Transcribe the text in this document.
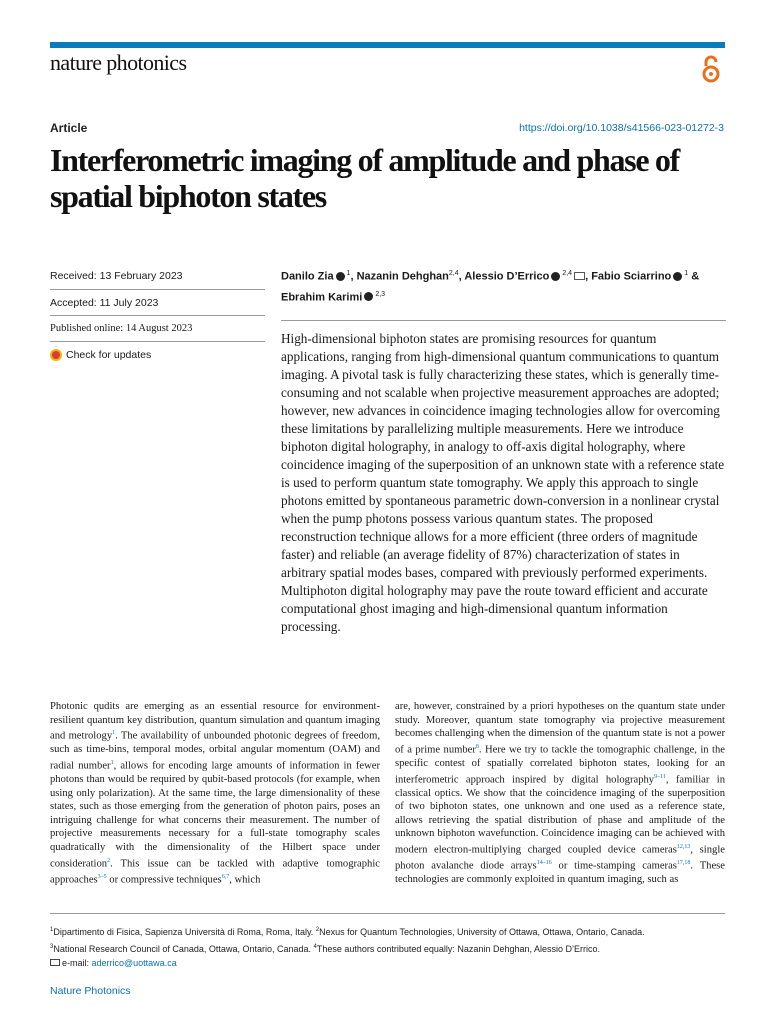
nature photonics
Article	https://doi.org/10.1038/s41566-023-01272-3
Interferometric imaging of amplitude and phase of spatial biphoton states
Received: 13 February 2023
Accepted: 11 July 2023
Published online: 14 August 2023
Check for updates
Danilo Zia $^1$, Nazanin Dehghan$^{2,4}$, Alessio D’Errico $^{2,4}$ , Fabio Sciarrino $^1$ & Ebrahim Karimi $^{2,3}$

High-dimensional biphoton states are promising resources for quantum applications, ranging from high-dimensional quantum communications to quantum imaging. A pivotal task is fully characterizing these states, which is generally time-consuming and not scalable when projective measurement approaches are adopted; however, new advances in coincidence imaging technologies allow for overcoming these limitations by parallelizing multiple measurements. Here we introduce biphoton digital holography, in analogy to off-axis digital holography, where coincidence imaging of the superposition of an unknown state with a reference state is used to perform quantum state tomography. We apply this approach to single photons emitted by spontaneous parametric down-conversion in a nonlinear crystal when the pump photons possess various quantum states. The proposed reconstruction technique allows for a more efficient (three orders of magnitude faster) and reliable (an average fidelity of 87%) characterization of states in arbitrary spatial modes bases, compared with previously performed experiments. Multiphoton digital holography may pave the route toward efficient and accurate computational ghost imaging and high-dimensional quantum information processing.

Photonic qudits are emerging as an essential resource for environment-resilient quantum key distribution, quantum simulation and quantum imaging and metrology$^1$. The availability of unbounded photonic degrees of freedom, such as time-bins, temporal modes, orbital angular momentum (OAM) and radial number$^1$, allows for encoding large amounts of information in fewer photons than would be required by qubit-based protocols (for example, when using only polarization). At the same time, the large dimensionality of these states, such as those emerging from the generation of photon pairs, poses an intriguing challenge for what concerns their measurement. The number of projective measurements necessary for a full-state tomography scales quadratically with the dimensionality of the Hilbert space under consideration$^2$. This issue can be tackled with adaptive tomographic approaches$^{3-5}$ or compressive techniques$^{6,7}$, which
are, however, constrained by a priori hypotheses on the quantum state under study. Moreover, quantum state tomography via projective measurement becomes challenging when the dimension of the quantum state is not a power of a prime number$^8$. Here we try to tackle the tomographic challenge, in the specific contest of spatially correlated biphoton states, looking for an interferometric approach inspired by digital holography$^{9-11}$, familiar in classical optics. We show that the coincidence imaging of the superposition of two biphoton states, one unknown and one used as a reference state, allows retrieving the spatial distribution of phase and amplitude of the unknown biphoton wavefunction. Coincidence imaging can be achieved with modern electron-multiplying charged coupled device cameras$^{12,13}$, single photon avalanche diode arrays$^{14-16}$ or time-stamping cameras$^{17,18}$. These technologies are commonly exploited in quantum imaging, such as
$^1$Dipartimento di Fisica, Sapienza Università di Roma, Roma, Italy. $^2$Nexus for Quantum Technologies, University of Ottawa, Ottawa, Ontario, Canada.
$^3$National Research Council of Canada, Ottawa, Ontario, Canada. $^4$These authors contributed equally: Nazanin Dehghan, Alessio D’Errico.
e-mail: aderrico@uottawa.ca
Nature Photonics
